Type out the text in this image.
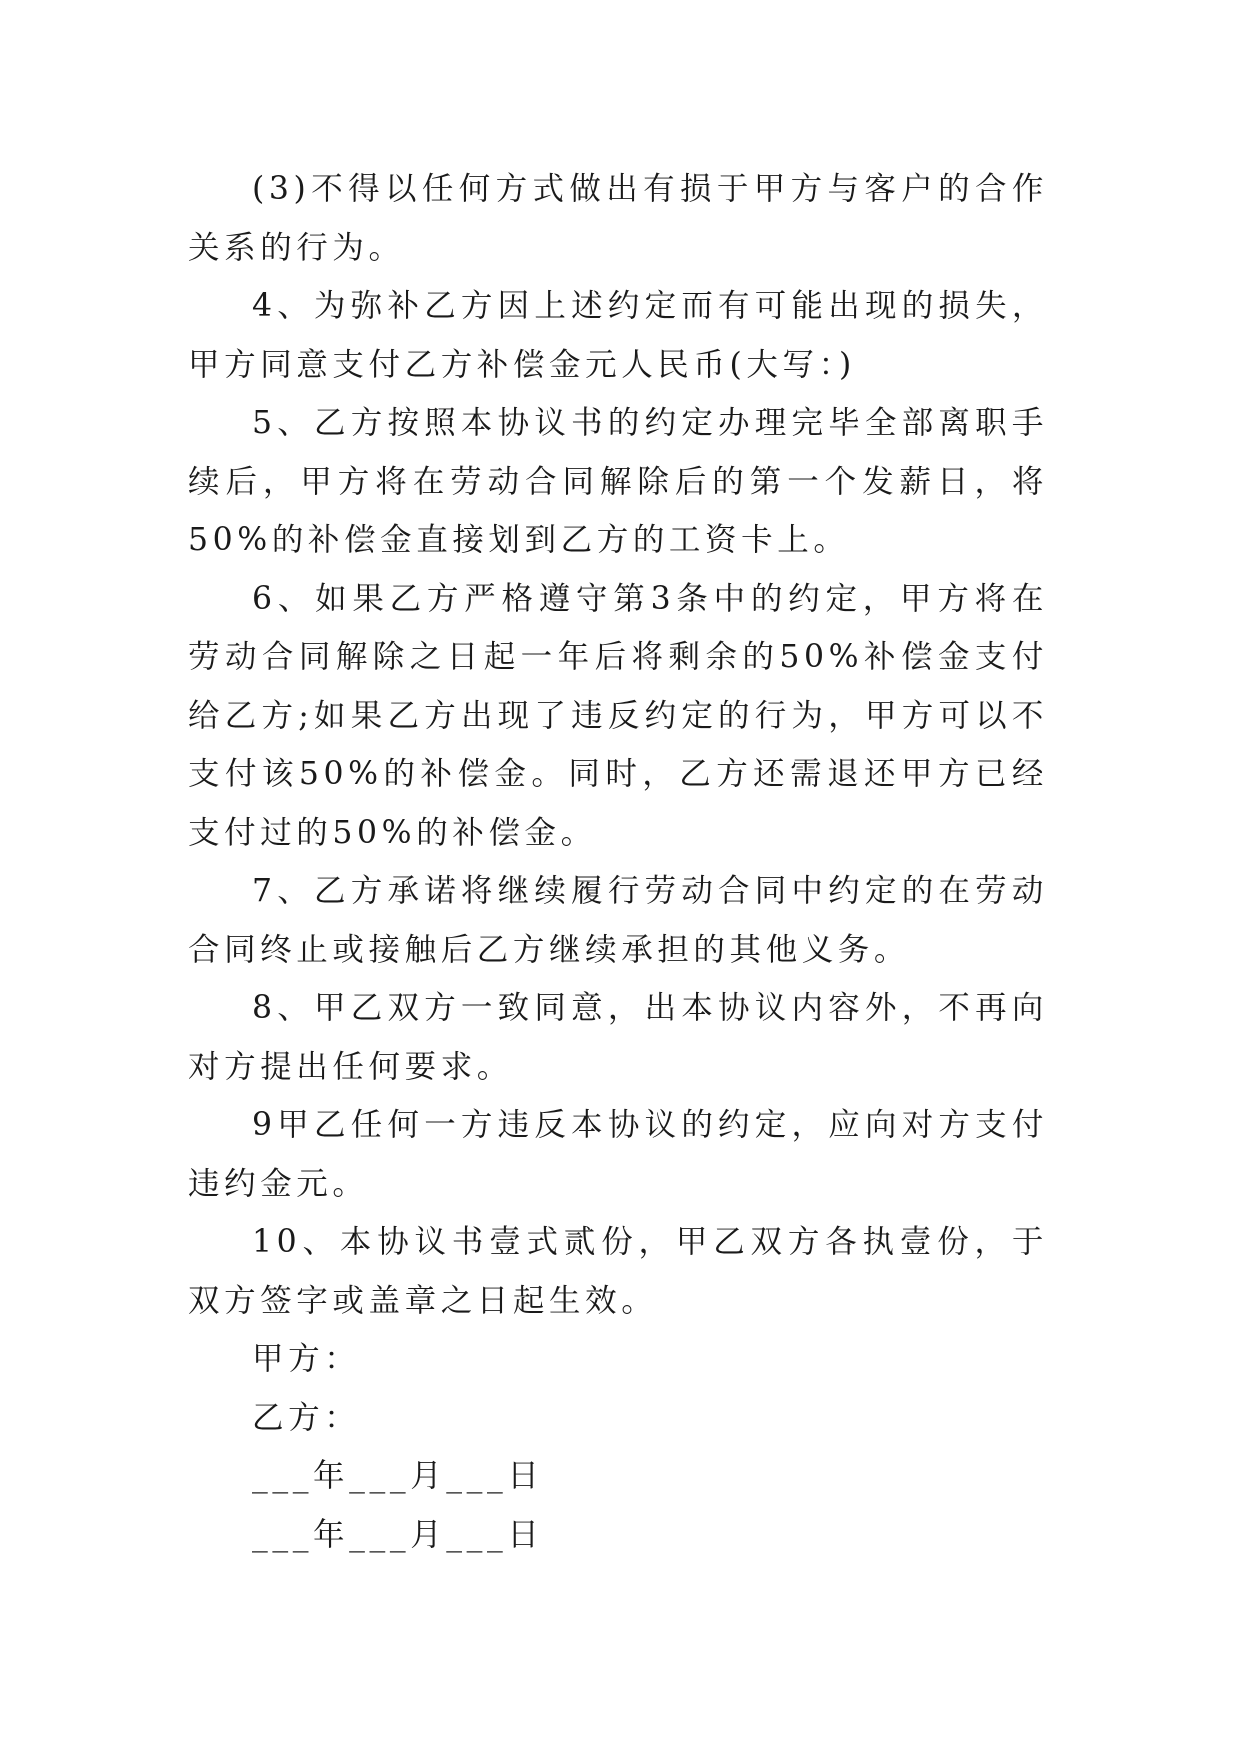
(3)不得以任何方式做出有损于甲方与客户的合作关系的行为。

4、为弥补乙方因上述约定而有可能出现的损失，甲方同意支付乙方补偿金元人民币(大写：)

5、乙方按照本协议书的约定办理完毕全部离职手续后，甲方将在劳动合同解除后的第一个发薪日，将50%的补偿金直接划到乙方的工资卡上。

6、如果乙方严格遵守第3条中的约定，甲方将在劳动合同解除之日起一年后将剩余的50%补偿金支付给乙方;如果乙方出现了违反约定的行为，甲方可以不支付该50%的补偿金。同时，乙方还需退还甲方已经支付过的50%的补偿金。

7、乙方承诺将继续履行劳动合同中约定的在劳动合同终止或接触后乙方继续承担的其他义务。

8、甲乙双方一致同意，出本协议内容外，不再向对方提出任何要求。

9甲乙任何一方违反本协议的约定，应向对方支付违约金元。

10、本协议书壹式贰份，甲乙双方各执壹份，于双方签字或盖章之日起生效。

甲方：

乙方：

___年___月___日

___年___月___日
